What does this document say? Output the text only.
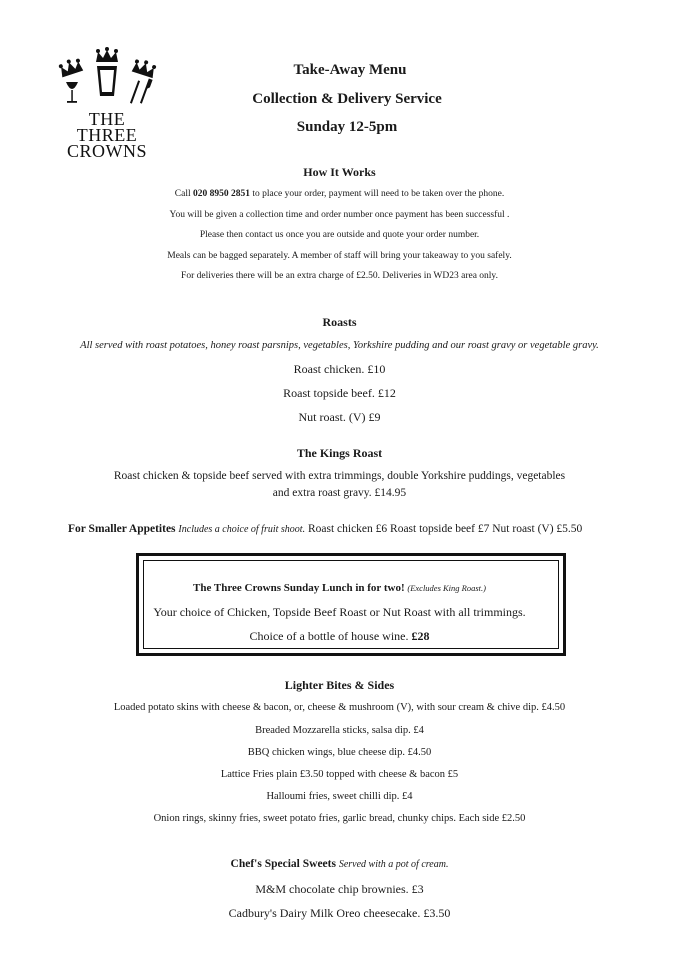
THE
THREE
CROWNS
Take-Away Menu
Collection & Delivery Service
Sunday 12-5pm
How It Works
Call 020 8950 2851 to place your order, payment will need to be taken over the phone.
You will be given a collection time and order number once payment has been successful .
Please then contact us once you are outside and quote your order number.
Meals can be bagged separately. A member of staff will bring your takeaway to you safely.
For deliveries there will be an extra charge of £2.50. Deliveries in WD23 area only.
Roasts
All served with roast potatoes, honey roast parsnips, vegetables, Yorkshire pudding and our roast gravy or vegetable gravy.
Roast chicken. £10
Roast topside beef. £12
Nut roast. (V) £9
The Kings Roast
Roast chicken & topside beef served with extra trimmings, double Yorkshire puddings, vegetables
and extra roast gravy. £14.95
For Smaller Appetites Includes a choice of fruit shoot. Roast chicken £6 Roast topside beef £7 Nut roast (V) £5.50
The Three Crowns Sunday Lunch in for two! (Excludes King Roast.)
Your choice of Chicken, Topside Beef Roast or Nut Roast with all trimmings.
Choice of a bottle of house wine. £28
Lighter Bites & Sides
Loaded potato skins with cheese & bacon, or, cheese & mushroom (V), with sour cream & chive dip. £4.50
Breaded Mozzarella sticks, salsa dip. £4
BBQ chicken wings, blue cheese dip. £4.50
Lattice Fries plain £3.50 topped with cheese & bacon £5
Halloumi fries, sweet chilli dip. £4
Onion rings, skinny fries, sweet potato fries, garlic bread, chunky chips. Each side £2.50
Chef's Special Sweets Served with a pot of cream.
M&M chocolate chip brownies. £3
Cadbury's Dairy Milk Oreo cheesecake. £3.50
